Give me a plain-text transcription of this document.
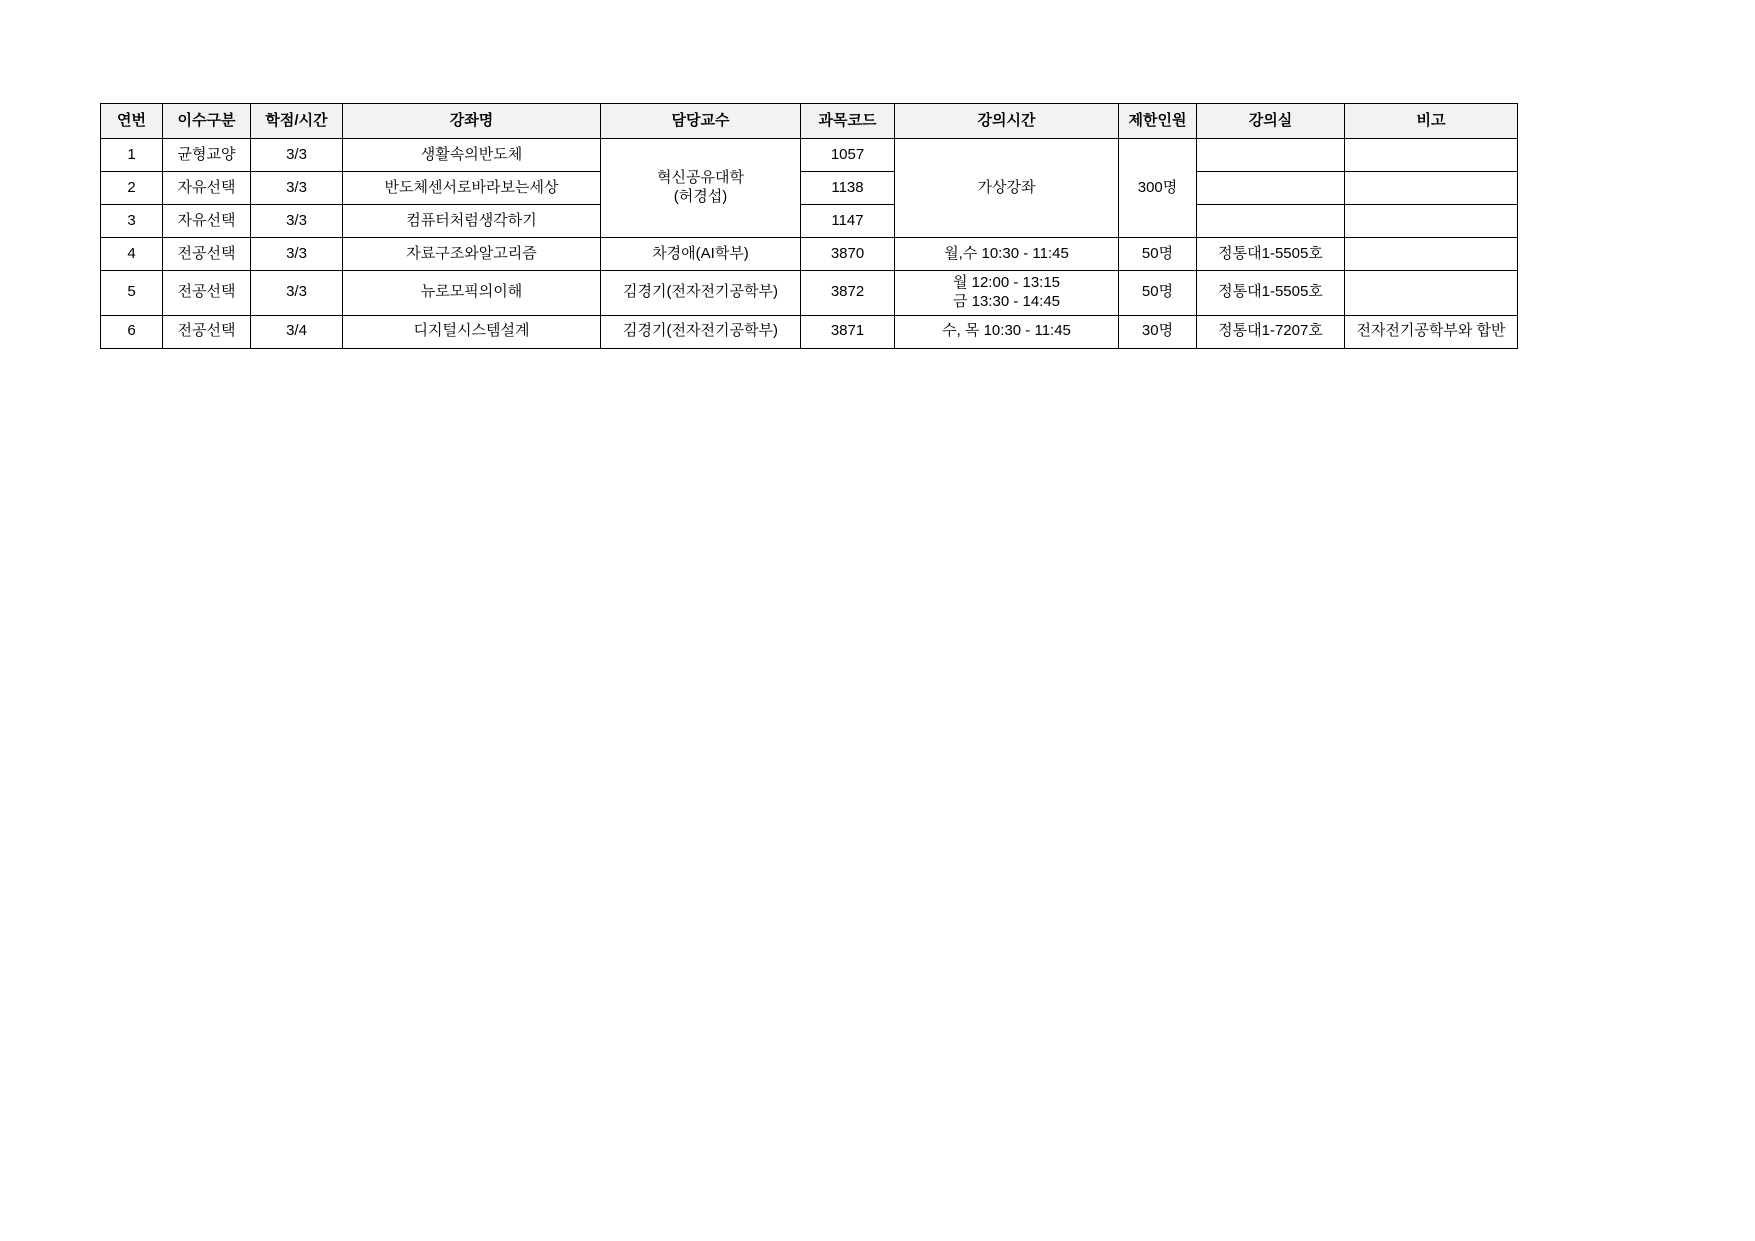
연번	이수구분	학점/시간	강좌명	담당교수	과목코드	강의시간	제한인원	강의실	비고
1	균형교양	3/3	생활속의반도체	혁신공유대학
(허경섭)	1057	가상강좌	300명		
2	자유선택	3/3	반도체센서로바라보는세상		1138				
3	자유선택	3/3	컴퓨터처럼생각하기		1147				
4	전공선택	3/3	자료구조와알고리즘	차경애(AI학부)	3870	월,수 10:30 - 11:45	50명	정통대1-5505호	
5	전공선택	3/3	뉴로모픽의이해	김경기(전자전기공학부)	3872	월 12:00 - 13:15
금 13:30 - 14:45	50명	정통대1-5505호	
6	전공선택	3/4	디지털시스템설계	김경기(전자전기공학부)	3871	수, 목 10:30 - 11:45	30명	정통대1-7207호	전자전기공학부와 합반
